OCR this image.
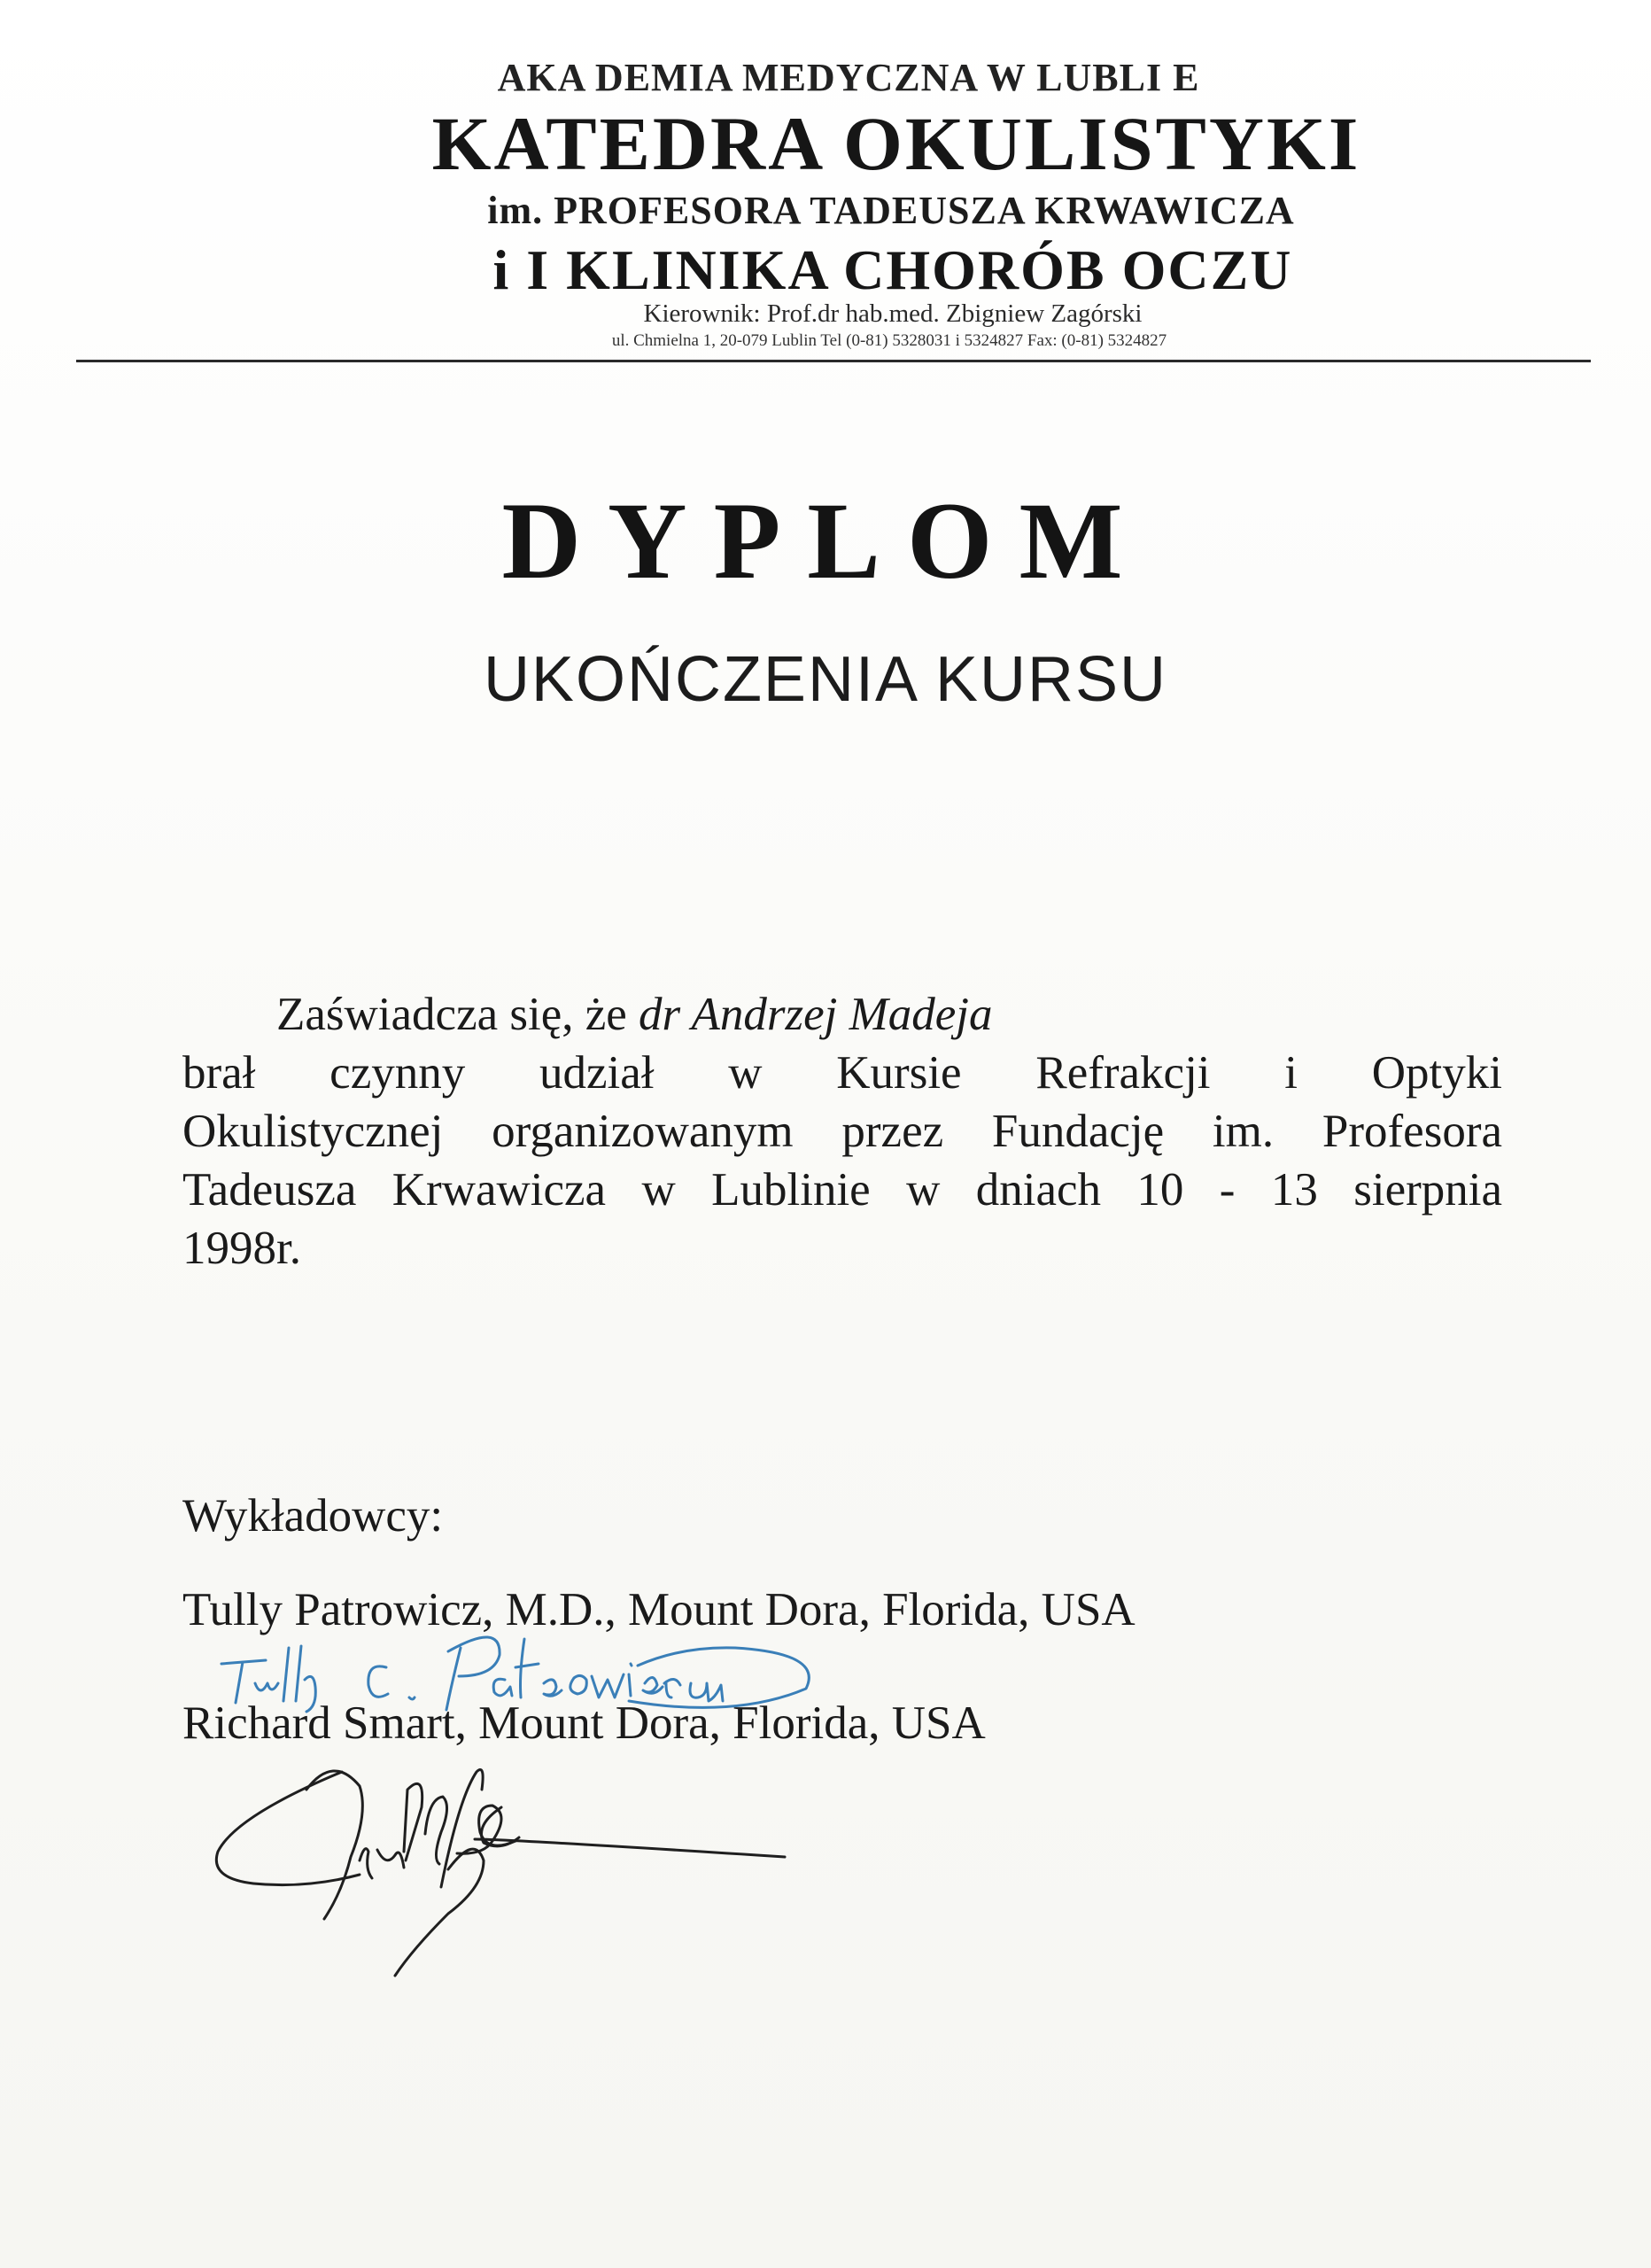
AKA DEMIA MEDYCZNA W LUBLI E
KATEDRA OKULISTYKI
im. PROFESORA TADEUSZA KRWAWICZA
i I KLINIKA CHORÓB OCZU
Kierownik: Prof.dr hab.med. Zbigniew Zagórski
ul. Chmielna 1, 20-079 Lublin Tel (0-81) 5328031 i 5324827 Fax: (0-81) 5324827
DYPLOM
UKOŃCZENIA KURSU
Zaświadcza się, że dr Andrzej Madeja
brał czynny udział w Kursie Refrakcji i Optyki
Okulistycznej organizowanym przez Fundację im. Profesora
Tadeusza Krwawicza w Lublinie w dniach 10 - 13 sierpnia
1998r.
Wykładowcy:
Tully Patrowicz, M.D., Mount Dora, Florida, USA
Richard Smart, Mount Dora, Florida, USA
